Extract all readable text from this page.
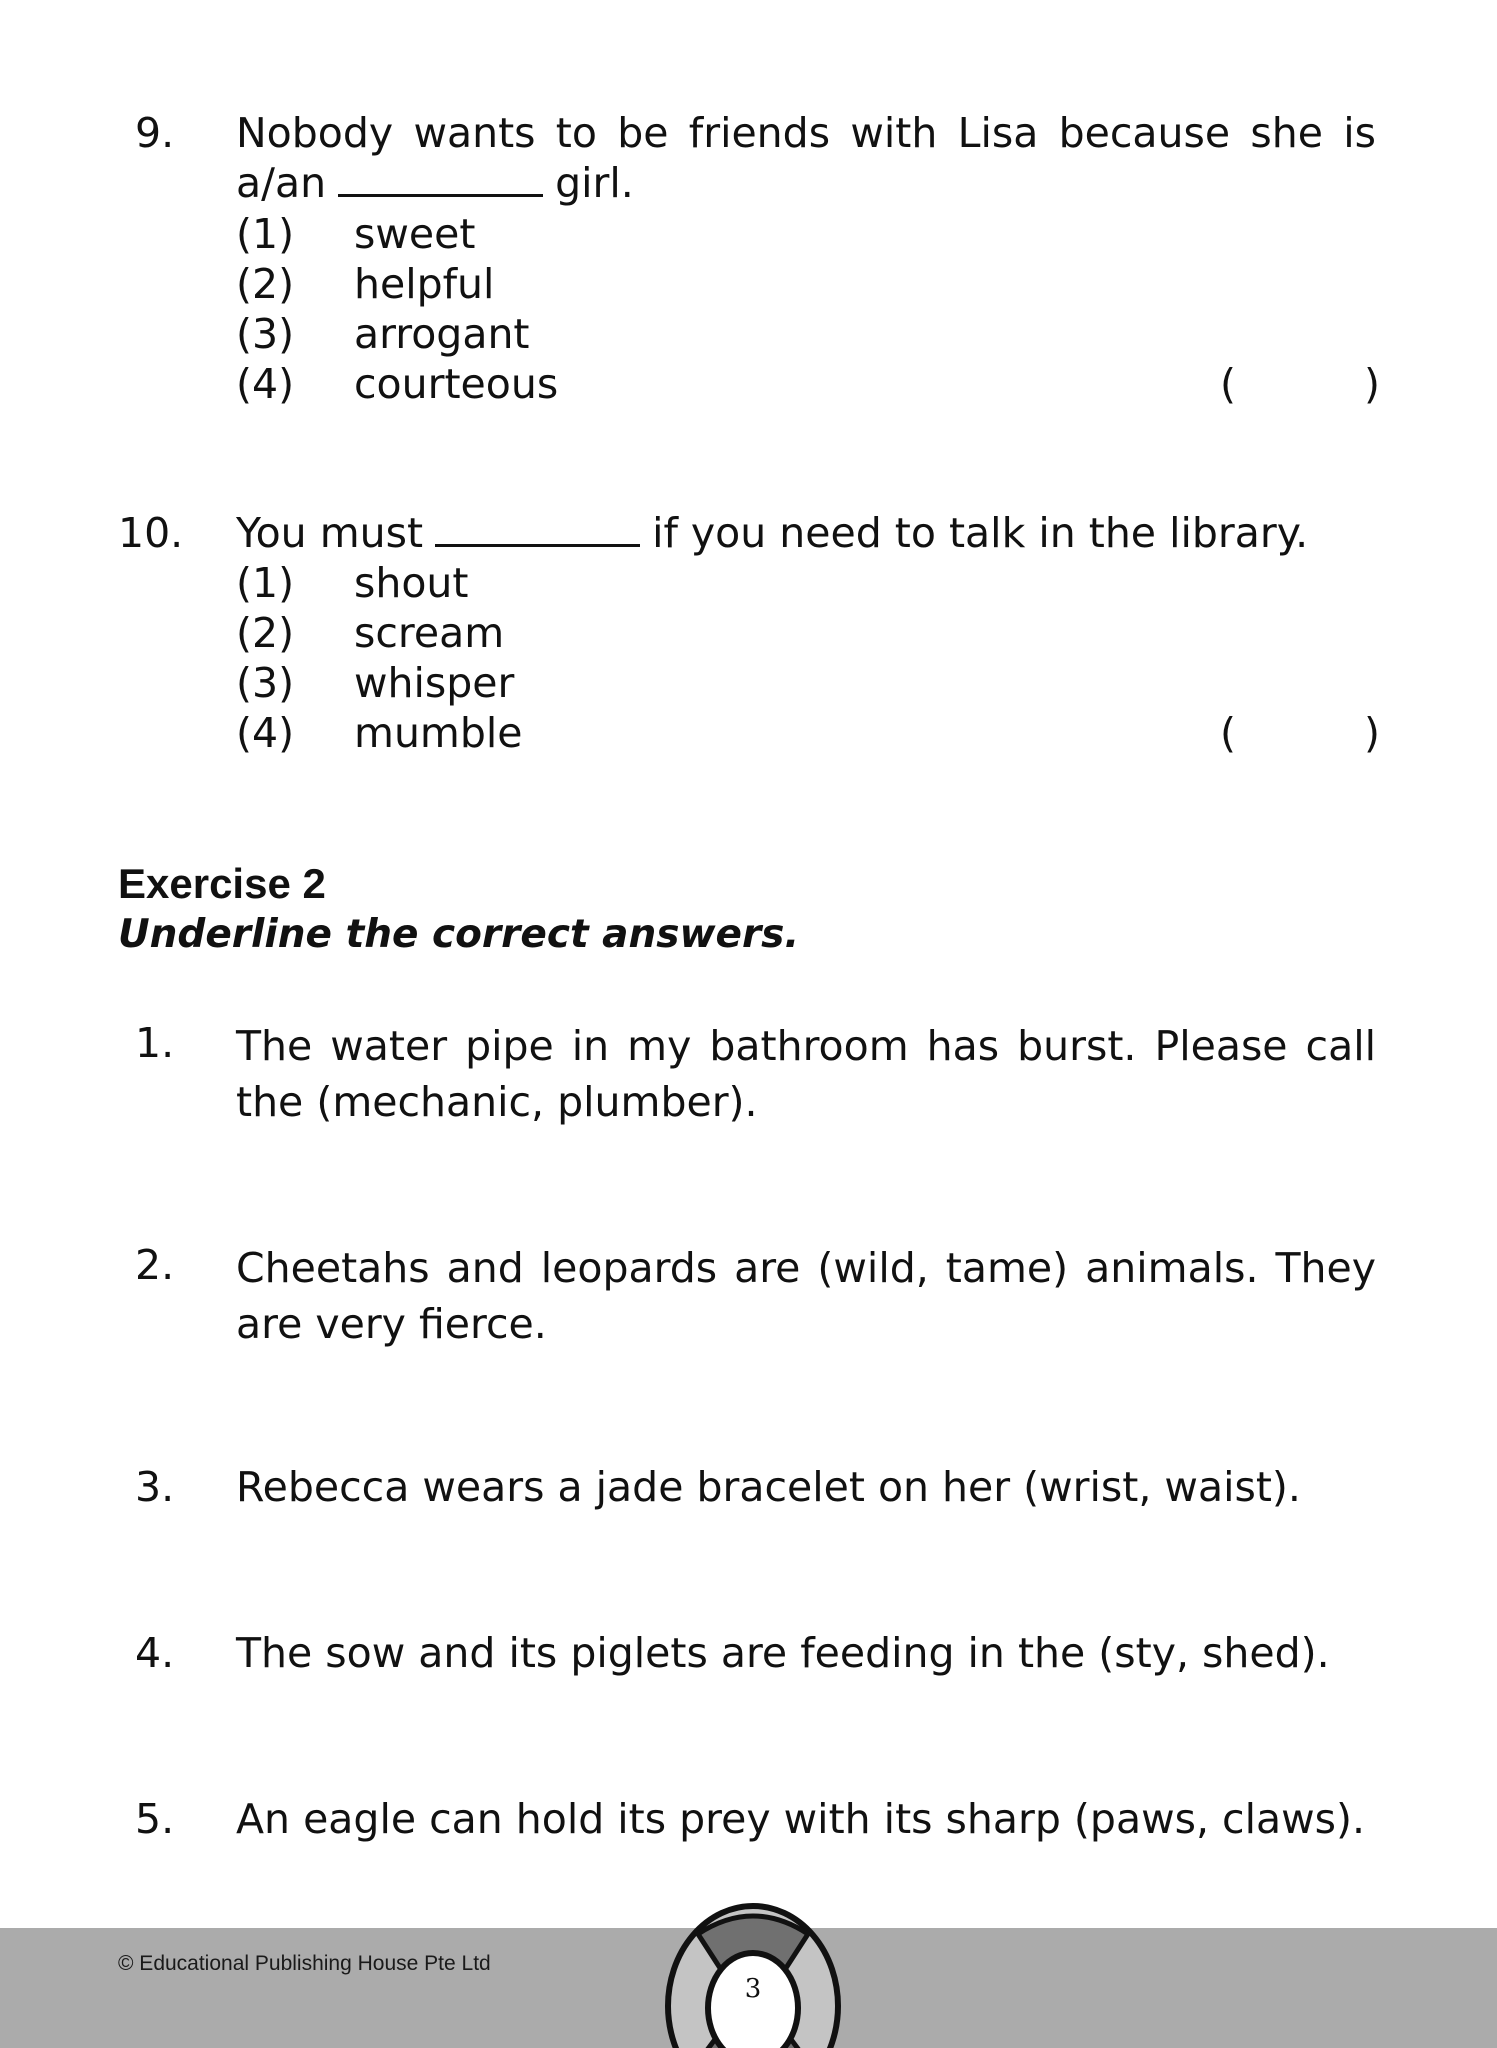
9. Nobody wants to be friends with Lisa because she is a/an	girl.
(1) sweet
(2) helpful
(3) arrogant
(4) courteous	(	)
10. You must	if you need to talk in the library.
(1) shout
(2) scream
(3) whisper
(4) mumble	(	)
Exercise 2
Underline the correct answers.
1. The water pipe in my bathroom has burst. Please call the (mechanic, plumber).
2. Cheetahs and leopards are (wild, tame) animals. They are very fierce.
3. Rebecca wears a jade bracelet on her (wrist, waist).
4. The sow and its piglets are feeding in the (sty, shed).
5. An eagle can hold its prey with its sharp (paws, claws).
© Educational Publishing House Pte Ltd
3
